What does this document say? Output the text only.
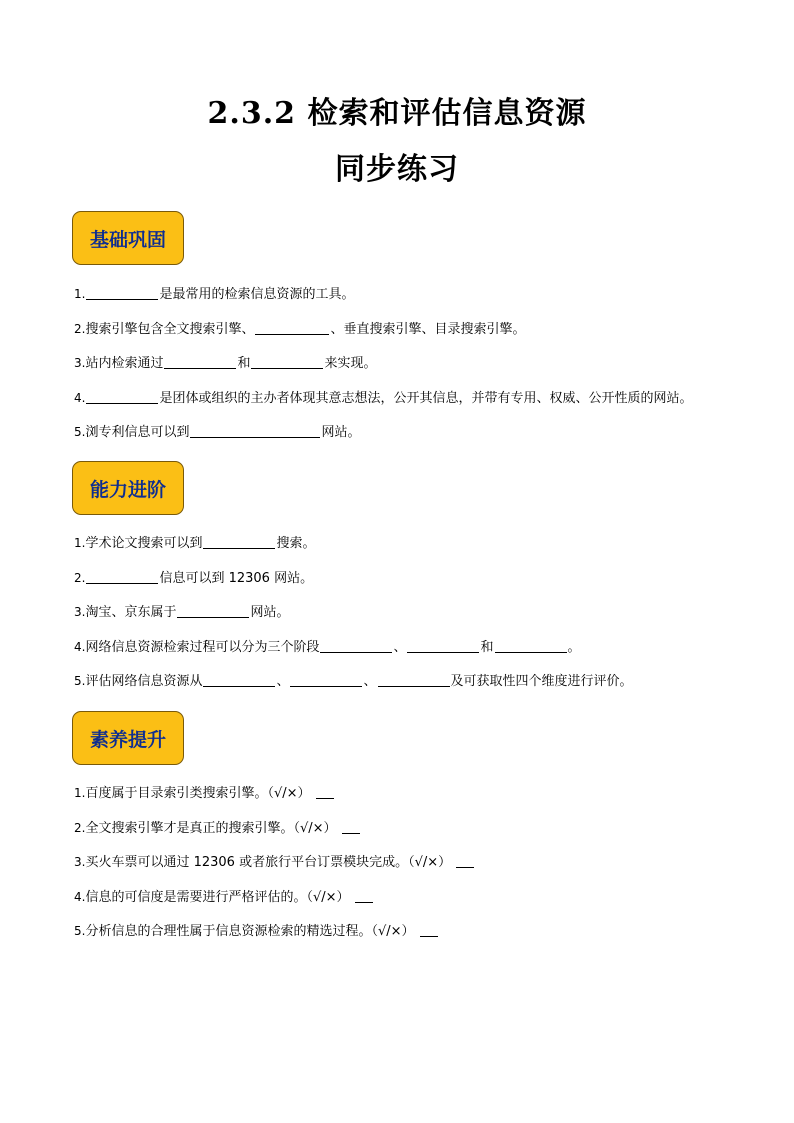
2.3.2 检索和评估信息资源
同步练习
基础巩固
1.	是最常用的检索信息资源的工具。
2.搜索引擎包含全文搜索引擎、	、垂直搜索引擎、目录搜索引擎。
3.站内检索通过	和	来实现。
4.	是团体或组织的主办者体现其意志想法，公开其信息，并带有专用、权威、公开性质的网站。
5.浏专利信息可以到	网站。
能力进阶
1.学术论文搜索可以到	搜索。
2.	信息可以到 12306 网站。
3.淘宝、京东属于	网站。
4.网络信息资源检索过程可以分为三个阶段	、	和	。
5.评估网络信息资源从	、	、	及可获取性四个维度进行评价。
素养提升
1.百度属于目录索引类搜索引擎。（√/×）
2.全文搜索引擎才是真正的搜索引擎。（√/×）
3.买火车票可以通过 12306 或者旅行平台订票模块完成。（√/×）
4.信息的可信度是需要进行严格评估的。（√/×）
5.分析信息的合理性属于信息资源检索的精选过程。（√/×）
